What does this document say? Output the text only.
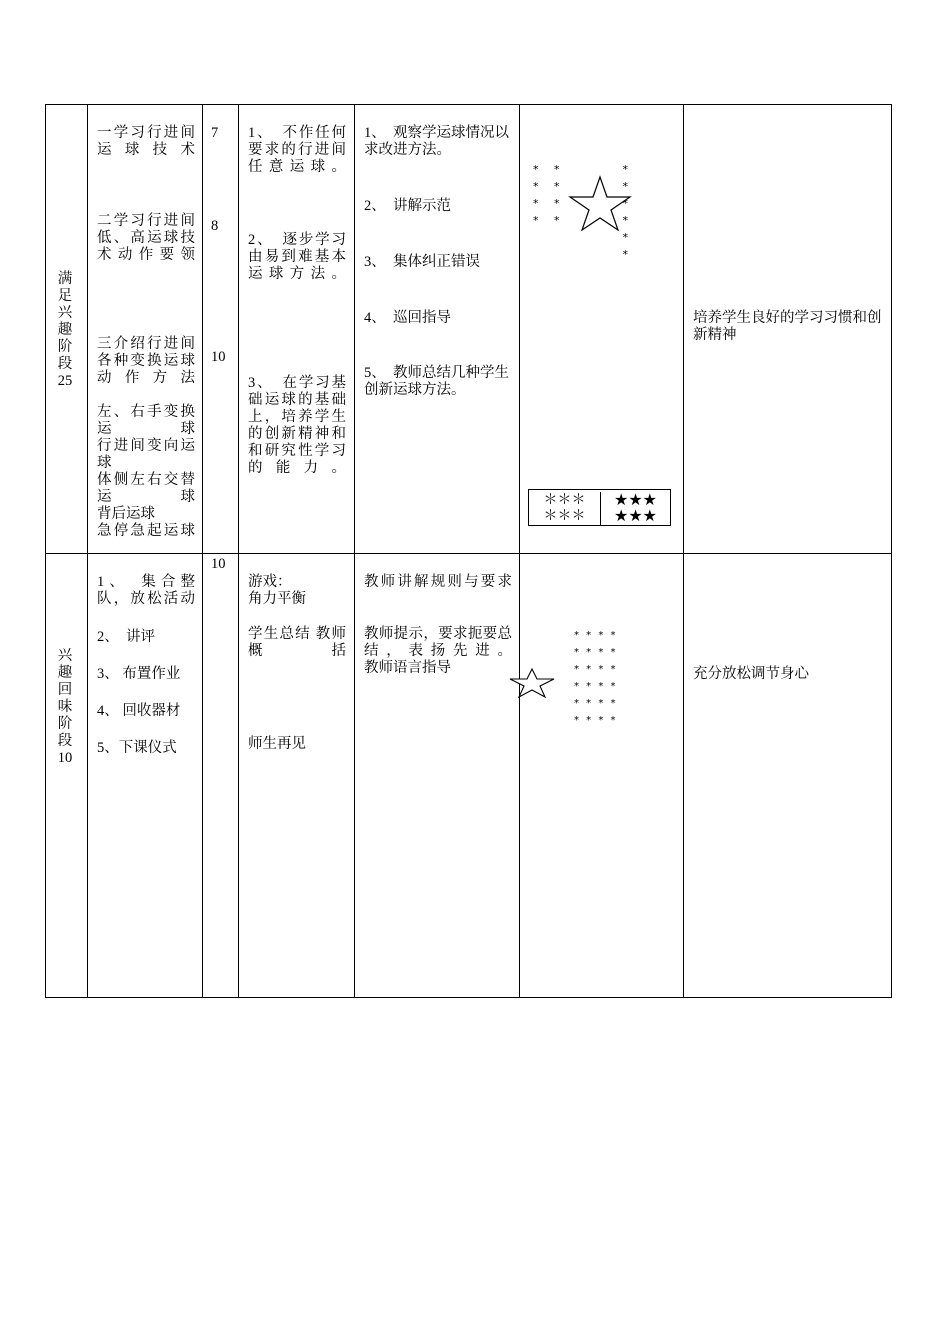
满足兴趣阶段25
一学习行进间运球技术
二学习行进间低、高运球技术动作要领
三介绍行进间各种变换运球动作方法
左、右手变换运球
行进间变向运球
体侧左右交替运球
背后运球
急停急起运球
7
8
10
1、　不作任何要求的行进间任意运球。
2、　逐步学习由易到难基本运球方法。
3、　在学习基础运球的基础上，培养学生的创新精神和和研究性学习的能力。
1、　观察学运球情况以求改进方法。
2、　讲解示范
3、　集体纠正错误
4、　巡回指导
5、　教师总结几种学生创新运球方法。
* *
* *
* *
* *
* *
* *
*
*
＊＊＊
＊＊＊
★★★
★★★
培养学生良好的学习习惯和创新精神
兴趣回味阶段10
1、　集合整队，放松活动
2、　讲评
3、 布置作业
4、 回收器材
5、下课仪式
10
游戏：
角力平衡
学生总结 教师概括
师生再见
教师讲解规则与要求
教师提示，要求扼要总结，表扬先进。
教师语言指导
* * * *
* * * *
* * * *
* * * *
* * * *
* * * *
充分放松调节身心
